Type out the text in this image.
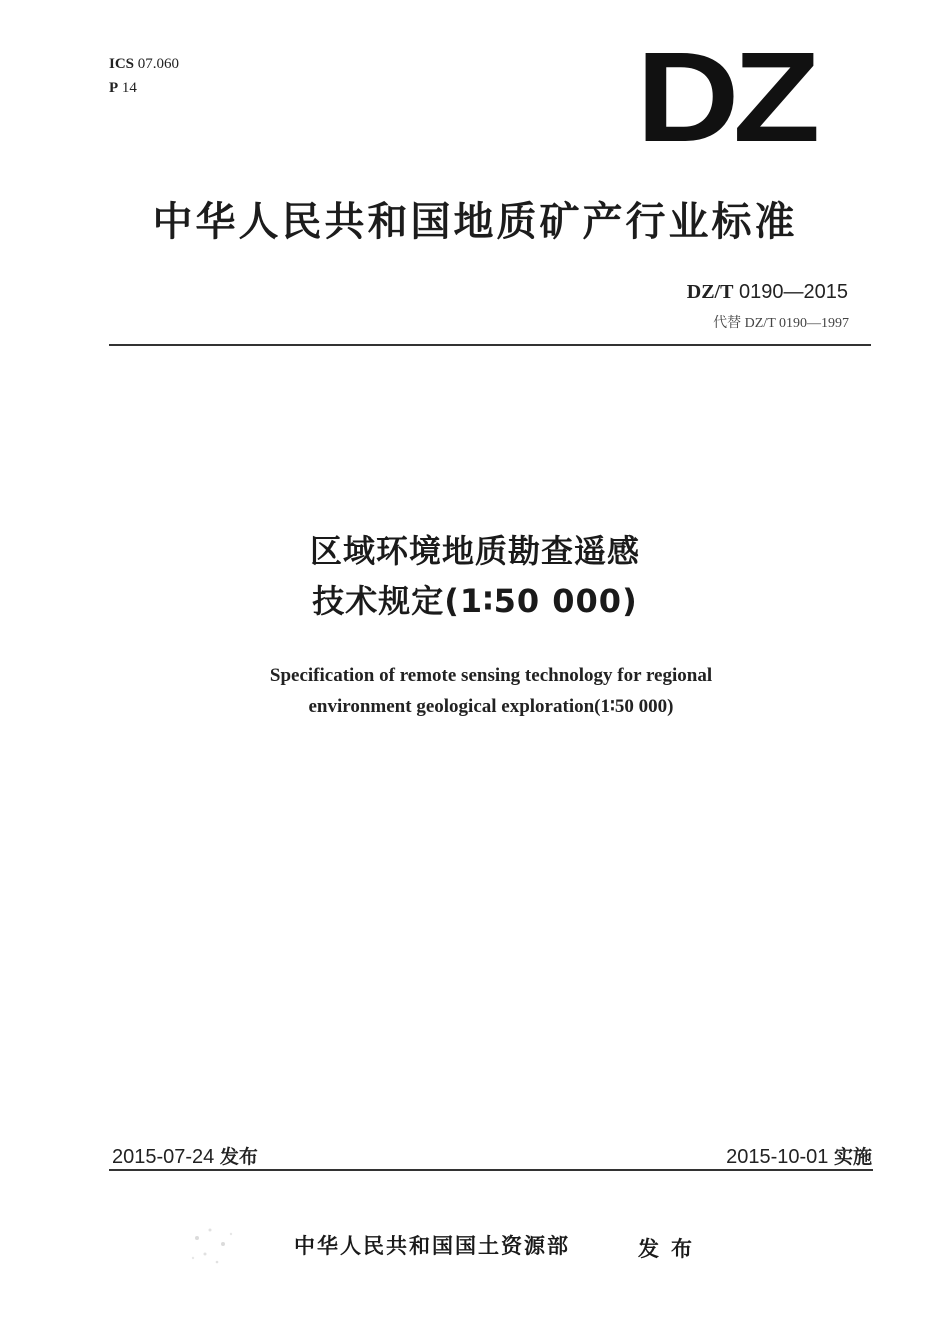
ICS 07.060
P 14	DZ
中华人民共和国地质矿产行业标准
DZ/T 0190—2015
代替 DZ/T 0190—1997
区域环境地质勘查遥感
技术规定(1∶50 000)
Specification of remote sensing technology for regional
environment geological exploration(1∶50 000)
2015-07-24 发布	2015-10-01 实施
中华人民共和国国土资源部	发布
